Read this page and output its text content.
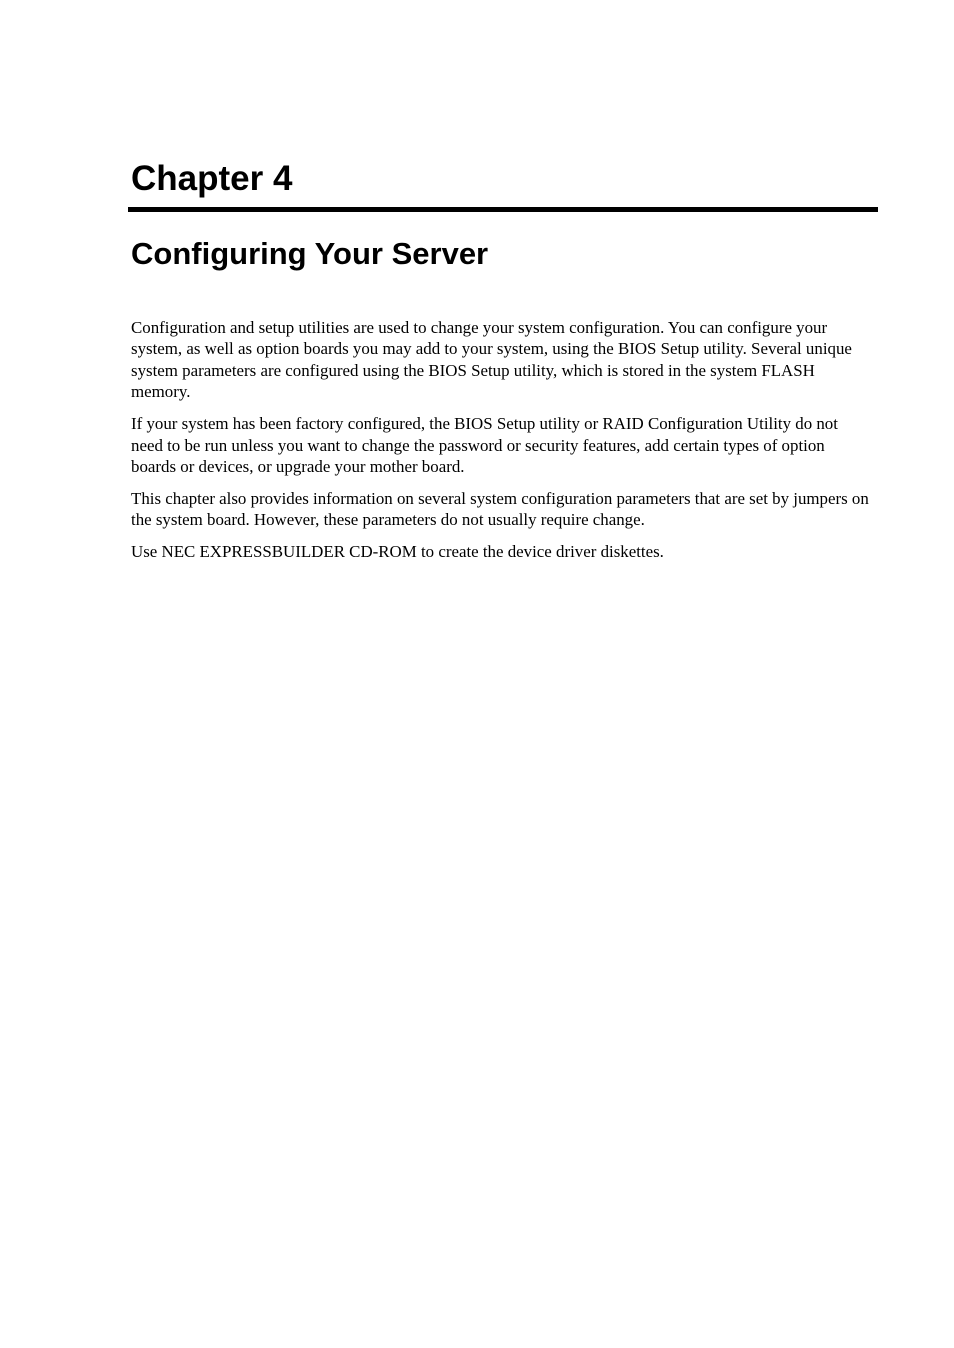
Chapter 4
Configuring Your Server

Configuration and setup utilities are used to change your system configuration. You can configure your system, as well as option boards you may add to your system, using the BIOS Setup utility. Several unique system parameters are configured using the BIOS Setup utility, which is stored in the system FLASH memory.

If your system has been factory configured, the BIOS Setup utility or RAID Configuration Utility do not need to be run unless you want to change the password or security features, add certain types of option boards or devices, or upgrade your mother board.

This chapter also provides information on several system configuration parameters that are set by jumpers on the system board. However, these parameters do not usually require change.

Use NEC EXPRESSBUILDER CD-ROM to create the device driver diskettes.
